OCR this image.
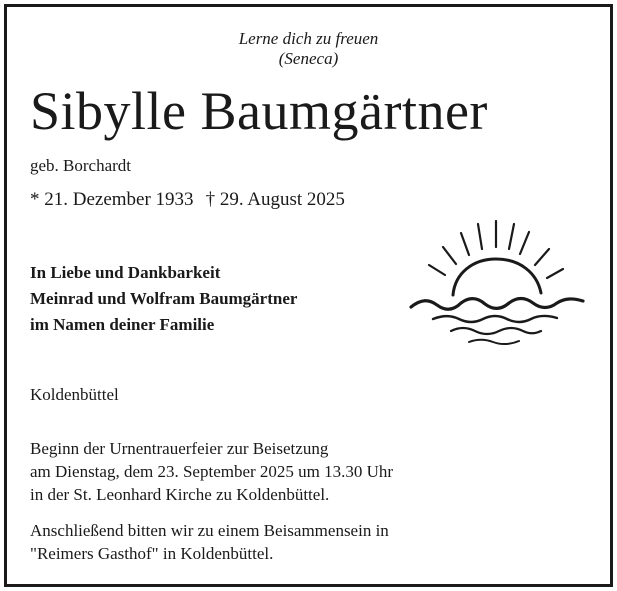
Lerne dich zu freuen
(Seneca)
Sibylle Baumgärtner
geb. Borchardt
* 21. Dezember 1933 † 29. August 2025
In Liebe und Dankbarkeit
Meinrad und Wolfram Baumgärtner
im Namen deiner Familie
Koldenbüttel
Beginn der Urnentrauerfeier zur Beisetzung
am Dienstag, dem 23. September 2025 um 13.30 Uhr
in der St. Leonhard Kirche zu Koldenbüttel.
Anschließend bitten wir zu einem Beisammensein in
"Reimers Gasthof" in Koldenbüttel.
